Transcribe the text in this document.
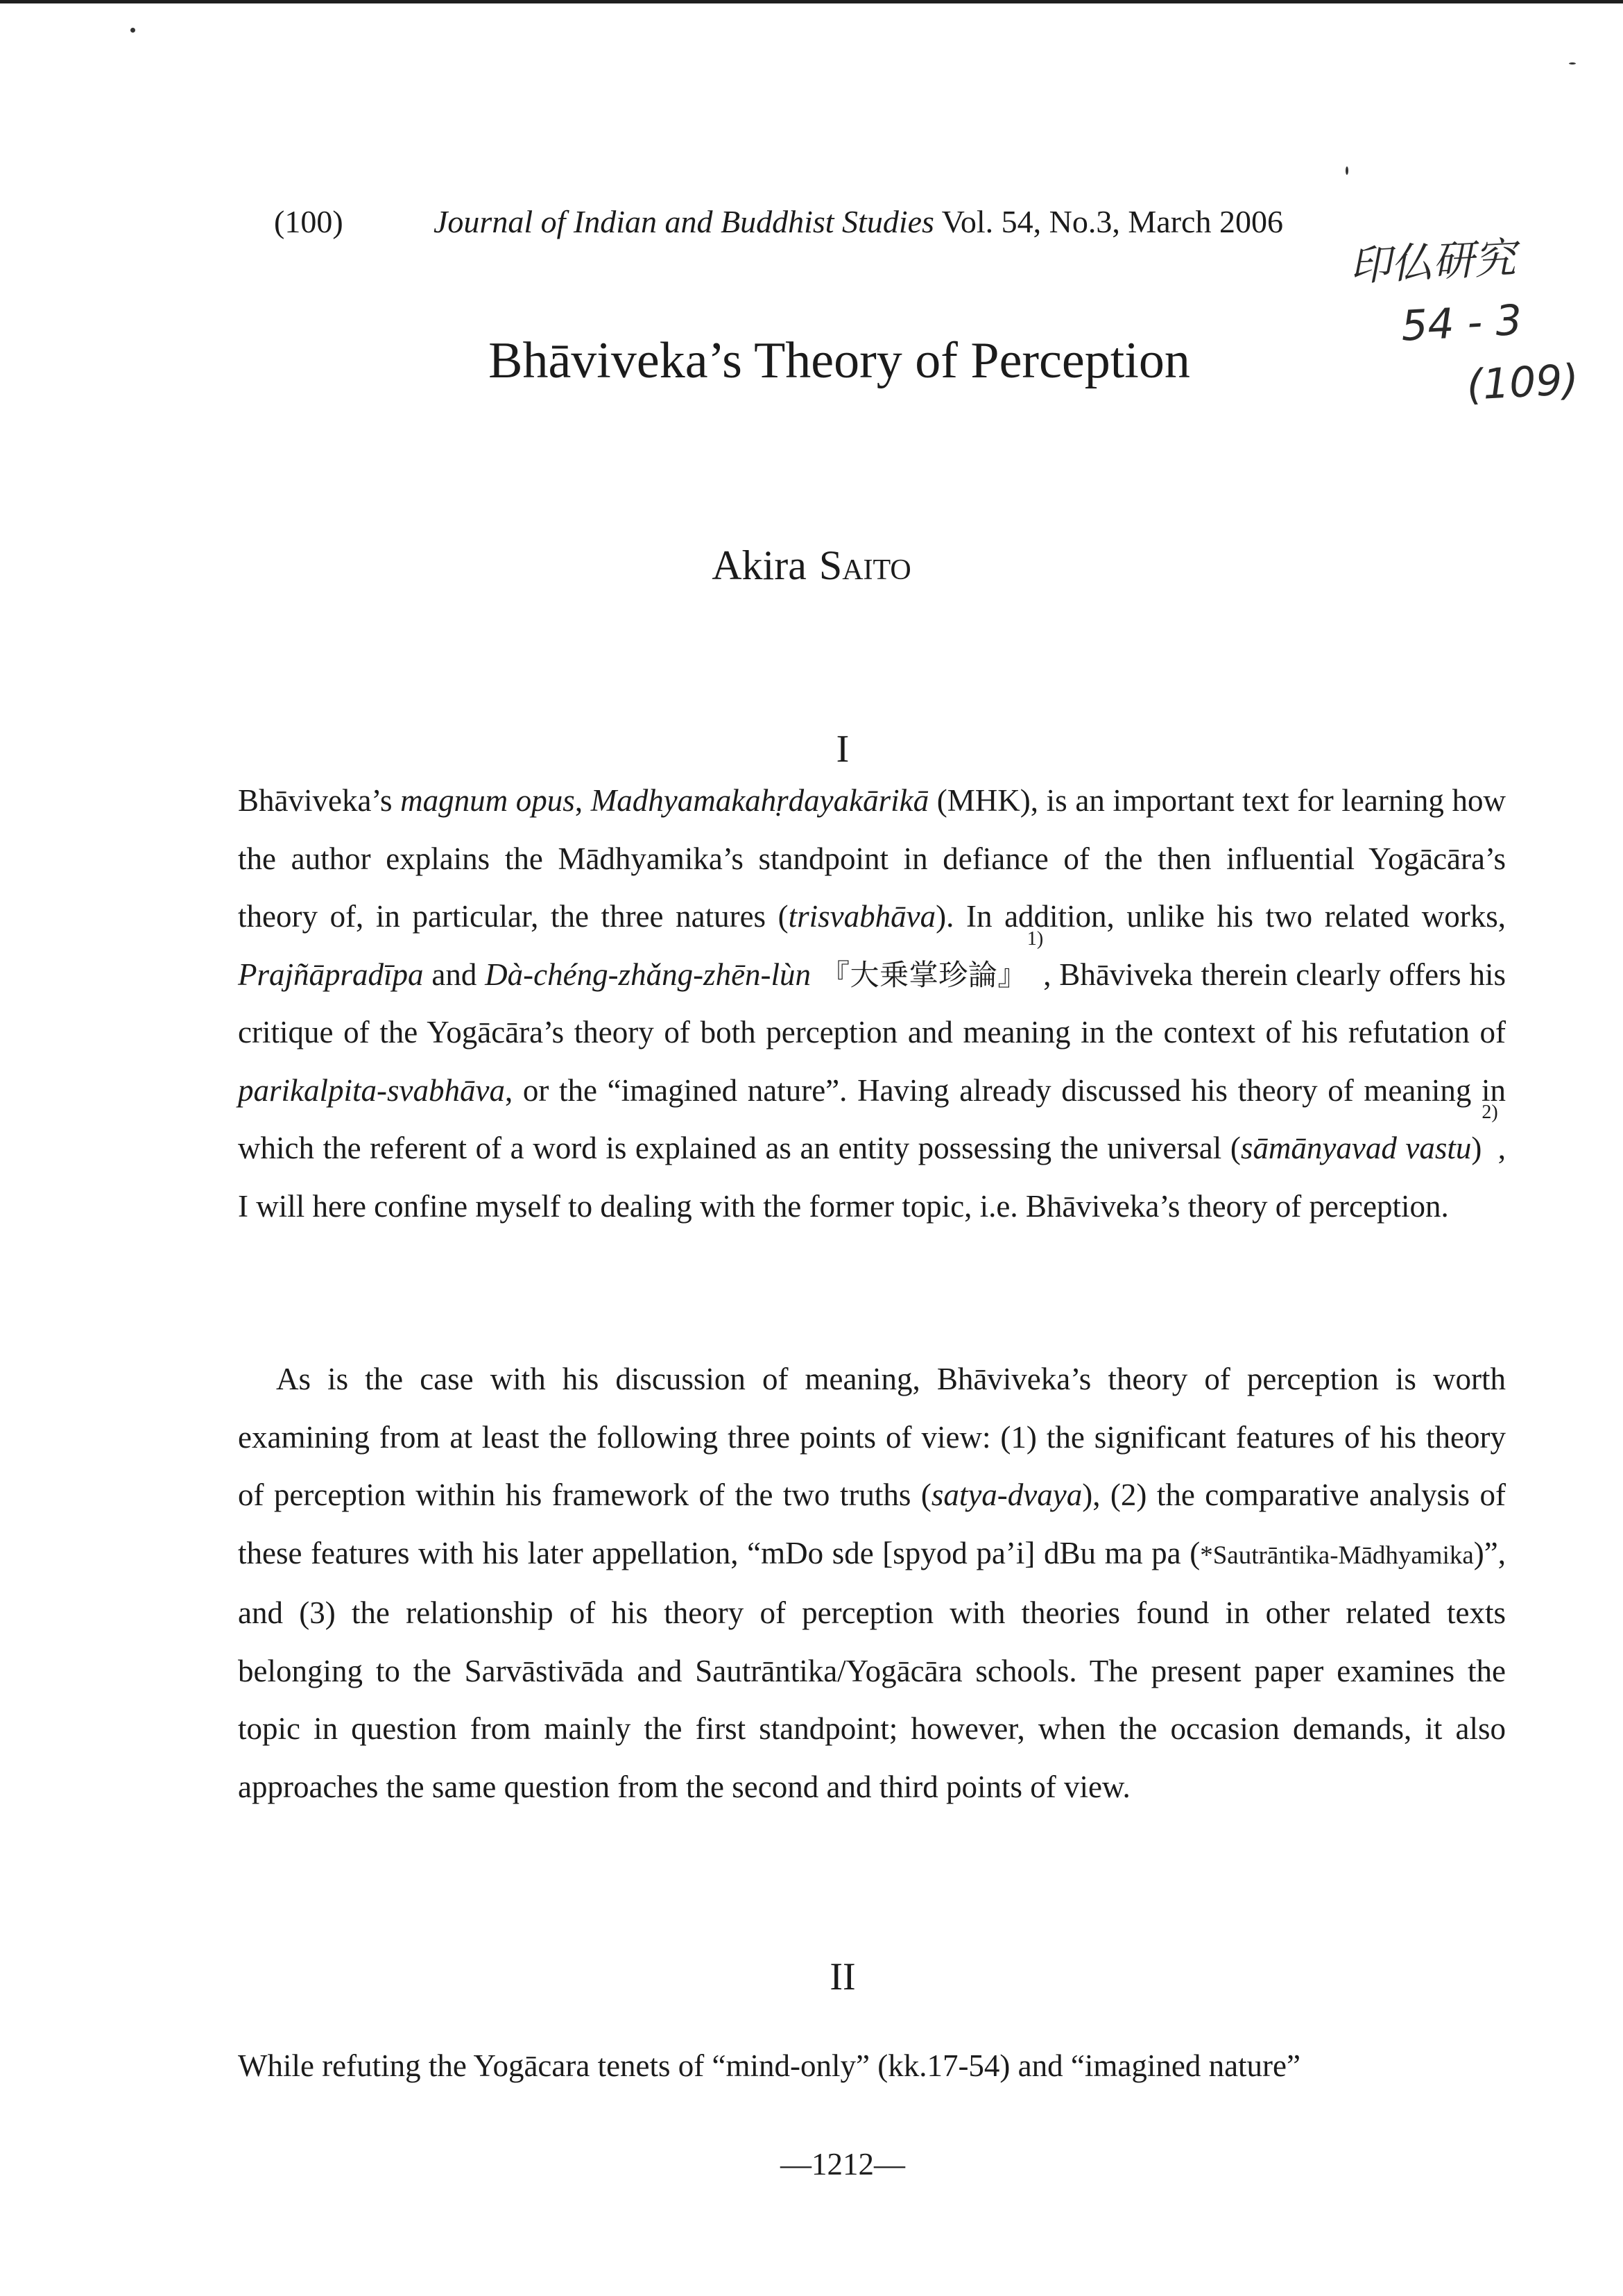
(100)	Journal of Indian and Buddhist Studies Vol. 54, No.3, March 2006
印仏研究
54 - 3
(109)
Bhāviveka’s Theory of Perception
Akira Saito
I

Bhāviveka’s magnum opus, Madhyamakahṛdayakārikā (MHK), is an important text for learning how the author explains the Mādhyamika’s standpoint in defiance of the then influential Yogācāra’s theory of, in particular, the three natures (trisvabhāva). In addition, unlike his two related works, Prajñāpradīpa and Dà-chéng-zhǎng-zhēn-lùn 『大乗掌珍論』$^{1)}$, Bhāviveka therein clearly offers his critique of the Yogācāra’s theory of both perception and meaning in the context of his refutation of parikalpita-svabhāva, or the “imagined nature”. Having already discussed his theory of meaning in which the referent of a word is explained as an entity possessing the universal (sāmānyavad vastu)$^{2)}$, I will here confine myself to dealing with the former topic, i.e. Bhāviveka’s theory of perception.

As is the case with his discussion of meaning, Bhāviveka’s theory of perception is worth examining from at least the following three points of view: (1) the significant features of his theory of perception within his framework of the two truths (satya-dvaya), (2) the comparative analysis of these features with his later appellation, “mDo sde [spyod pa’i] dBu ma pa (*Sautrāntika-Mādhyamika)”, and (3) the relationship of his theory of perception with theories found in other related texts belonging to the Sarvāstivāda and Sautrāntika/Yogācāra schools. The present paper examines the topic in question from mainly the first standpoint; however, when the occasion demands, it also approaches the same question from the second and third points of view.

II

While refuting the Yogācara tenets of “mind-only” (kk.17-54) and “imagined nature”

—1212—
